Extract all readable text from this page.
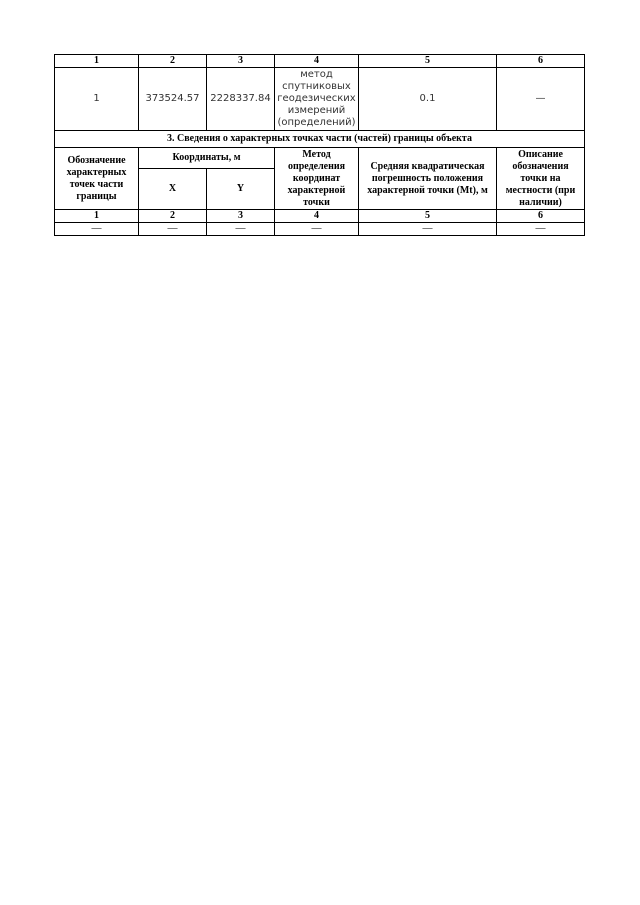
1	2	3	4	5	6
1	373524.57	2228337.84	метод спутниковых геодезических измерений (определений)	0.1	—
3. Сведения о характерных точках части (частей) границы объекта					
Обозначение характерных точек части границы	Координаты, м		Метод определения координат характерной точки	Средняя квадратическая погрешность положения характерной точки (Mt), м	Описание обозначения точки на местности (при наличии)
	X	Y			
1	2	3	4	5	6
—	—	—	—	—	—
